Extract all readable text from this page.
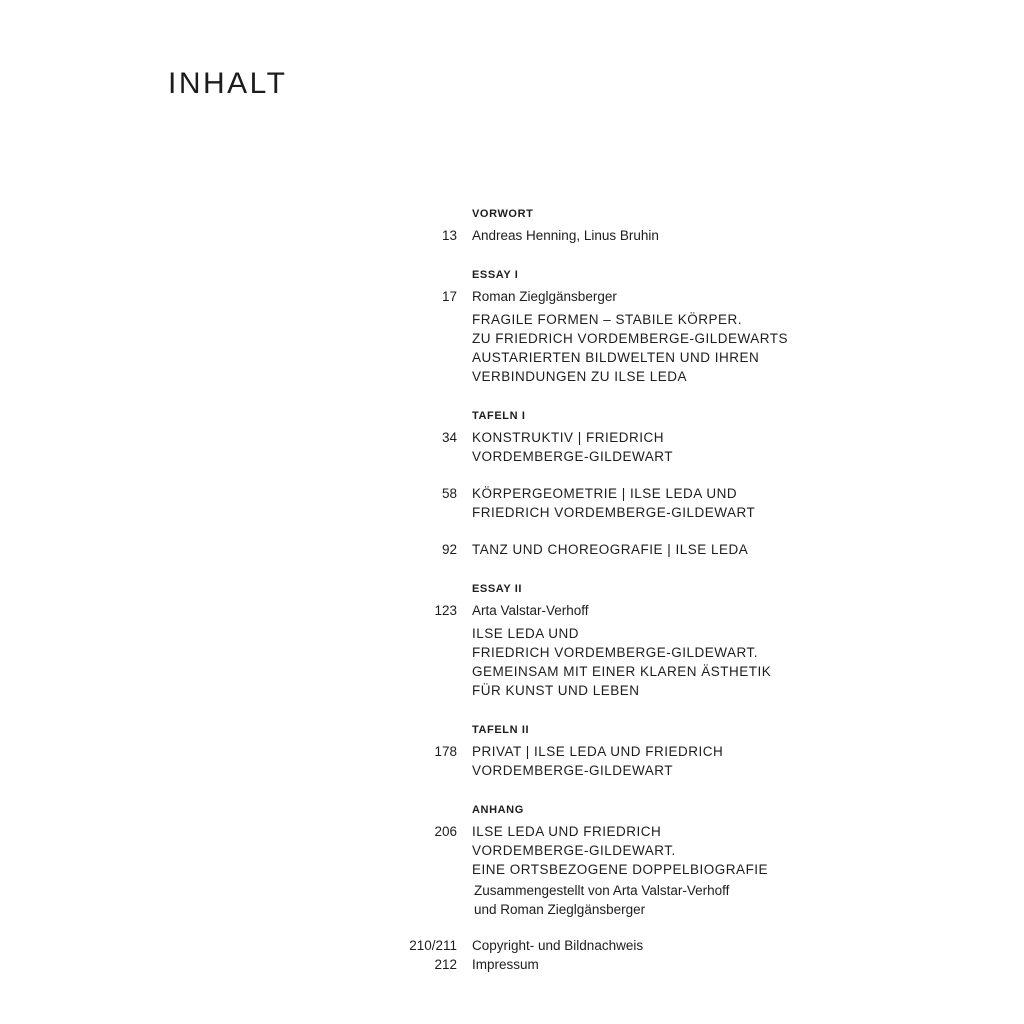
INHALT
VORWORT
13 Andreas Henning, Linus Bruhin
ESSAY I
17 Roman Zieglgänsberger
FRAGILE FORMEN – STABILE KÖRPER.
ZU FRIEDRICH VORDEMBERGE-GILDEWARTS
AUSTARIERTEN BILDWELTEN UND IHREN
VERBINDUNGEN ZU ILSE LEDA
TAFELN I
34 KONSTRUKTIV | FRIEDRICH
VORDEMBERGE-GILDEWART
58 KÖRPERGEOMETRIE | ILSE LEDA UND
FRIEDRICH VORDEMBERGE-GILDEWART
92 TANZ UND CHOREOGRAFIE | ILSE LEDA
ESSAY II
123 Arta Valstar-Verhoff
ILSE LEDA UND
FRIEDRICH VORDEMBERGE-GILDEWART.
GEMEINSAM MIT EINER KLAREN ÄSTHETIK
FÜR KUNST UND LEBEN
TAFELN II
178 PRIVAT | ILSE LEDA UND FRIEDRICH
VORDEMBERGE-GILDEWART
ANHANG
206 ILSE LEDA UND FRIEDRICH
VORDEMBERGE-GILDEWART.
EINE ORTSBEZOGENE DOPPELBIOGRAFIE
Zusammengestellt von Arta Valstar-Verhoff
und Roman Zieglgänsberger
210/211 Copyright- und Bildnachweis
212 Impressum
